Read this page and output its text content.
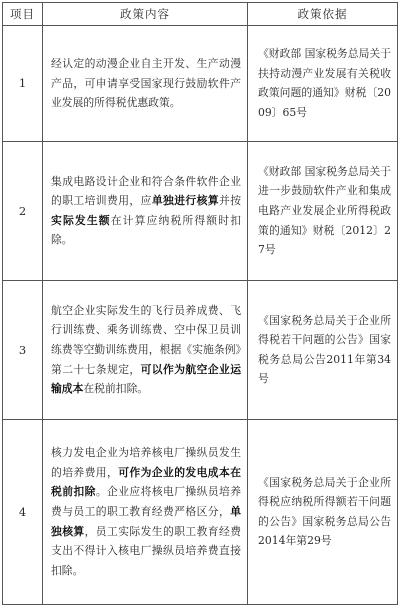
项目	政策内容	政策依据
1	经认定的动漫企业自主开发、生产动漫产品，可申请享受国家现行鼓励软件产业发展的所得税优惠政策。	《财政部 国家税务总局关于扶持动漫产业发展有关税收政策问题的通知》财税〔2009〕65号

2	集成电路设计企业和符合条件软件企业的职工培训费用，应单独进行核算并按实际发生额在计算应纳税所得额时扣除。	《财政部 国家税务总局关于进一步鼓励软件产业和集成电路产业发展企业所得税政策的通知》财税〔2012〕27号

3	航空企业实际发生的飞行员养成费、飞行训练费、乘务训练费、空中保卫员训练费等空勤训练费用，根据《实施条例》第二十七条规定，可以作为航空企业运输成本在税前扣除。	《国家税务总局关于企业所得税若干问题的公告》国家税务总局公告2011年第34号

4	核力发电企业为培养核电厂操纵员发生的培养费用，可作为企业的发电成本在税前扣除。企业应将核电厂操纵员培养费与员工的职工教育经费严格区分，单独核算，员工实际发生的职工教育经费支出不得计入核电厂操纵员培养费直接扣除。	《国家税务总局关于企业所得税应纳税所得额若干问题的公告》国家税务总局公告2014年第29号
